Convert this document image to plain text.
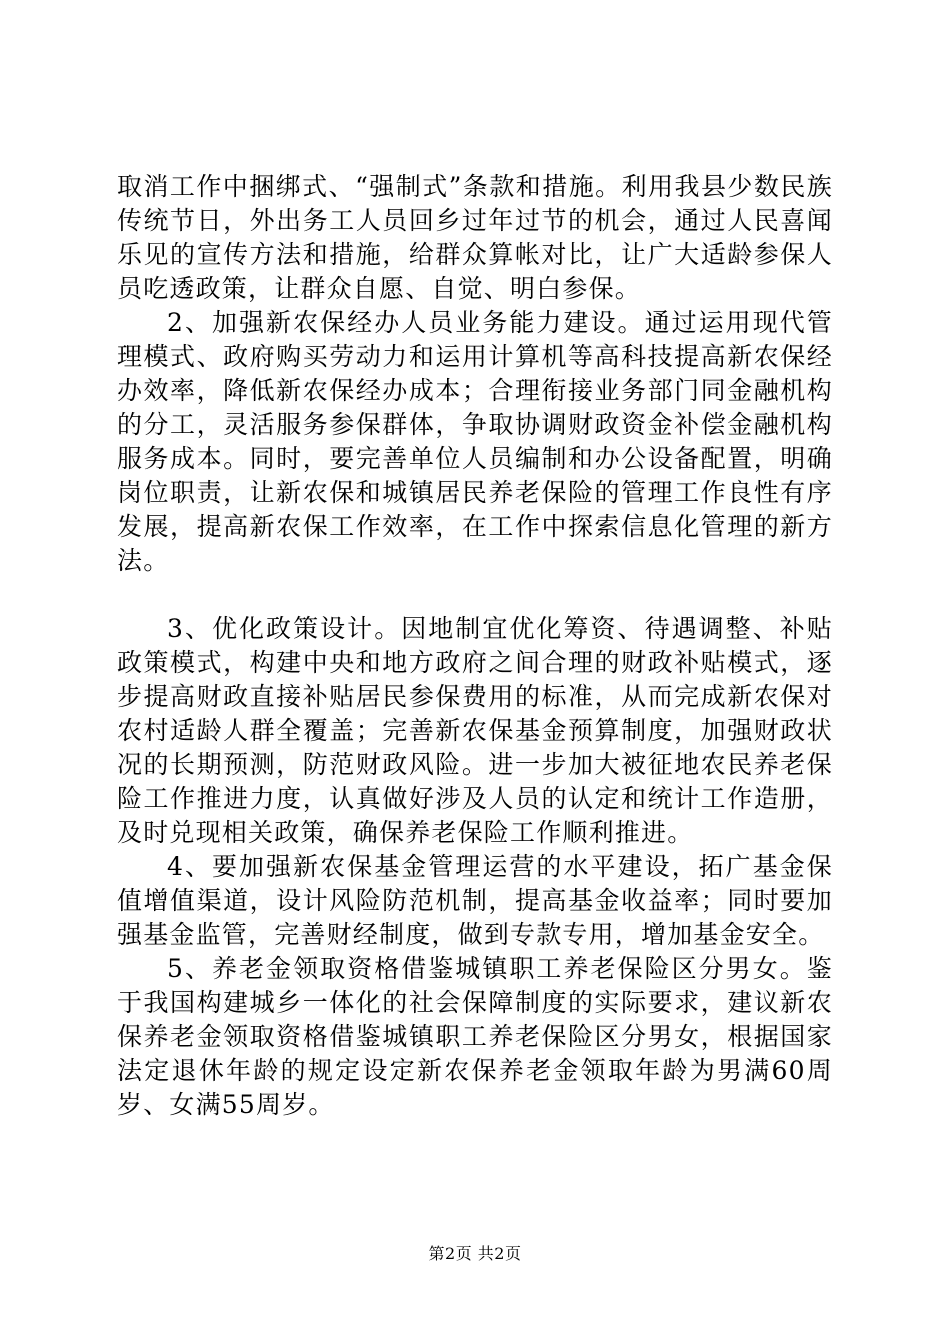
取消工作中捆绑式、“强制式”条款和措施。利用我县少数民族传统节日，外出务工人员回乡过年过节的机会，通过人民喜闻乐见的宣传方法和措施，给群众算帐对比，让广大适龄参保人员吃透政策，让群众自愿、自觉、明白参保。

2、加强新农保经办人员业务能力建设。通过运用现代管理模式、政府购买劳动力和运用计算机等高科技提高新农保经办效率，降低新农保经办成本；合理衔接业务部门同金融机构的分工，灵活服务参保群体，争取协调财政资金补偿金融机构服务成本。同时，要完善单位人员编制和办公设备配置，明确岗位职责，让新农保和城镇居民养老保险的管理工作良性有序发展，提高新农保工作效率，在工作中探索信息化管理的新方法。

3、优化政策设计。因地制宜优化筹资、待遇调整、补贴政策模式，构建中央和地方政府之间合理的财政补贴模式，逐步提高财政直接补贴居民参保费用的标准，从而完成新农保对农村适龄人群全覆盖；完善新农保基金预算制度，加强财政状况的长期预测，防范财政风险。进一步加大被征地农民养老保险工作推进力度，认真做好涉及人员的认定和统计工作造册，及时兑现相关政策，确保养老保险工作顺利推进。

4、要加强新农保基金管理运营的水平建设，拓广基金保值增值渠道，设计风险防范机制，提高基金收益率；同时要加强基金监管，完善财经制度，做到专款专用，增加基金安全。

5、养老金领取资格借鉴城镇职工养老保险区分男女。鉴于我国构建城乡一体化的社会保障制度的实际要求，建议新农保养老金领取资格借鉴城镇职工养老保险区分男女，根据国家法定退休年龄的规定设定新农保养老金领取年龄为男满60周岁、女满55周岁。

第2页 共2页
